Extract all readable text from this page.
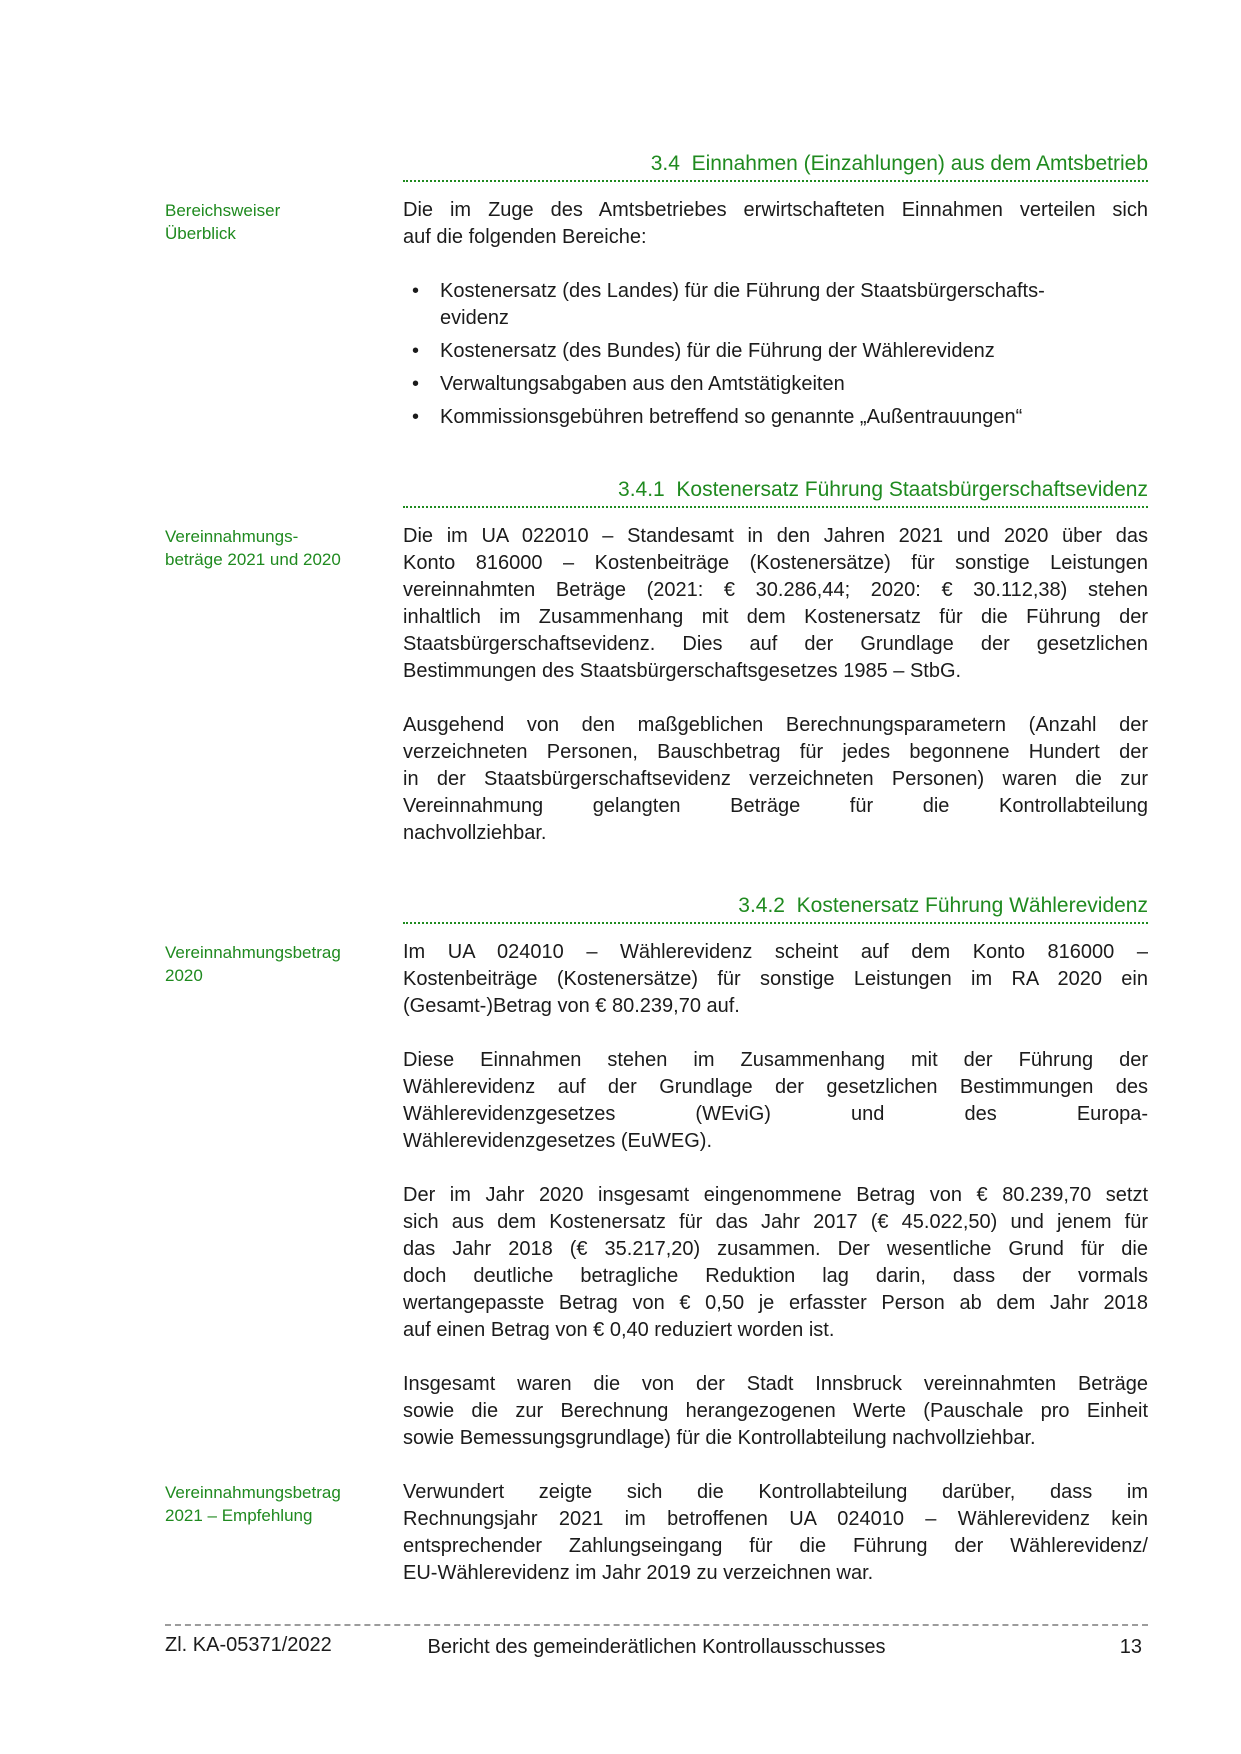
3.4  Einnahmen (Einzahlungen) aus dem Amtsbetrieb
Bereichsweiser
Überblick
Die im Zuge des Amtsbetriebes erwirtschafteten Einnahmen verteilen sich
auf die folgenden Bereiche:
•	Kostenersatz (des Landes) für die Führung der Staatsbürgerschafts-
evidenz
•	Kostenersatz (des Bundes) für die Führung der Wählerevidenz
•	Verwaltungsabgaben aus den Amtstätigkeiten
•	Kommissionsgebühren betreffend so genannte „Außentrauungen“
3.4.1  Kostenersatz Führung Staatsbürgerschaftsevidenz
Vereinnahmungs-
beträge 2021 und 2020
Die im UA 022010 – Standesamt in den Jahren 2021 und 2020 über das
Konto 816000 – Kostenbeiträge (Kostenersätze) für sonstige Leistungen
vereinnahmten Beträge (2021: € 30.286,44; 2020: € 30.112,38) stehen
inhaltlich im Zusammenhang mit dem Kostenersatz für die Führung der
Staatsbürgerschaftsevidenz. Dies auf der Grundlage der gesetzlichen
Bestimmungen des Staatsbürgerschaftsgesetzes 1985 – StbG.
Ausgehend von den maßgeblichen Berechnungsparametern (Anzahl der
verzeichneten Personen, Bauschbetrag für jedes begonnene Hundert der
in der Staatsbürgerschaftsevidenz verzeichneten Personen) waren die zur
Vereinnahmung gelangten Beträge für die Kontrollabteilung
nachvollziehbar.
3.4.2  Kostenersatz Führung Wählerevidenz
Vereinnahmungsbetrag
2020
Im UA 024010 – Wählerevidenz scheint auf dem Konto 816000 –
Kostenbeiträge (Kostenersätze) für sonstige Leistungen im RA 2020 ein
(Gesamt-)Betrag von € 80.239,70 auf.
Diese Einnahmen stehen im Zusammenhang mit der Führung der
Wählerevidenz auf der Grundlage der gesetzlichen Bestimmungen des
Wählerevidenzgesetzes (WEviG) und des Europa-
Wählerevidenzgesetzes (EuWEG).
Der im Jahr 2020 insgesamt eingenommene Betrag von € 80.239,70 setzt
sich aus dem Kostenersatz für das Jahr 2017 (€ 45.022,50) und jenem für
das Jahr 2018 (€ 35.217,20) zusammen. Der wesentliche Grund für die
doch deutliche betragliche Reduktion lag darin, dass der vormals
wertangepasste Betrag von € 0,50 je erfasster Person ab dem Jahr 2018
auf einen Betrag von € 0,40 reduziert worden ist.
Insgesamt waren die von der Stadt Innsbruck vereinnahmten Beträge
sowie die zur Berechnung herangezogenen Werte (Pauschale pro Einheit
sowie Bemessungsgrundlage) für die Kontrollabteilung nachvollziehbar.
Vereinnahmungsbetrag
2021 – Empfehlung
Verwundert zeigte sich die Kontrollabteilung darüber, dass im
Rechnungsjahr 2021 im betroffenen UA 024010 – Wählerevidenz kein
entsprechender Zahlungseingang für die Führung der Wählerevidenz/
EU-Wählerevidenz im Jahr 2019 zu verzeichnen war.
Zl. KA-05371/2022	Bericht des gemeinderätlichen Kontrollausschusses	13
